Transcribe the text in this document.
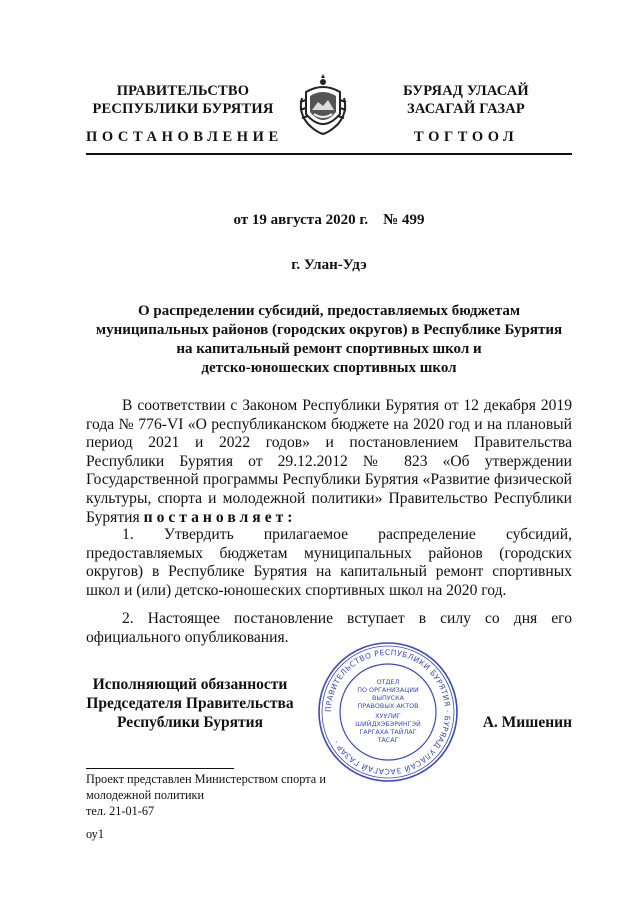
ПРАВИТЕЛЬСТВО
РЕСПУБЛИКИ БУРЯТИЯ
БУРЯАД УЛАСАЙ
ЗАСАГАЙ ГАЗАР
ПОСТАНОВЛЕНИЕ	ТОГТООЛ
от 19 августа 2020 г.    № 499
г. Улан-Удэ
О распределении субсидий, предоставляемых бюджетам
муниципальных районов (городских округов) в Республике Бурятия
на капитальный ремонт спортивных школ и
детско-юношеских спортивных школ

В соответствии с Законом Республики Бурятия от 12 декабря 2019 года № 776-VI «О республиканском бюджете на 2020 год и на плановый период 2021 и 2022 годов» и постановлением Правительства Республики Бурятия от 29.12.2012 № 823 «Об утверждении Государственной программы Республики Бурятия «Развитие физической культуры, спорта и молодежной политики» Правительство Республики Бурятия постановляет:

1. Утвердить прилагаемое распределение субсидий, предоставляемых бюджетам муниципальных районов (городских округов) в Республике Бурятия на капитальный ремонт спортивных школ и (или) детско-юношеских спортивных школ на 2020 год.

2. Настоящее постановление вступает в силу со дня его официального опубликования.

Исполняющий обязанности
Председателя Правительства
Республики Бурятия
ПРАВИТЕЛЬСТВО РЕСПУБЛИКИ БУРЯТИЯ · БУРЯАД УЛАСАЙ ЗАСАГАЙ ГАЗАР ·
ОТДЕЛ
ПО ОРГАНИЗАЦИИ
ВЫПУСКА
ПРАВОВЫХ АКТОВ
ХУУЛИГ
ШИЙДХЭБЭРИНГЭЙ
ГАРГАХА ТАЙЛАГ
ТАСАГ
А. Мишенин
Проект представлен Министерством спорта и
молодежной политики
тел. 21-01-67
оу1
